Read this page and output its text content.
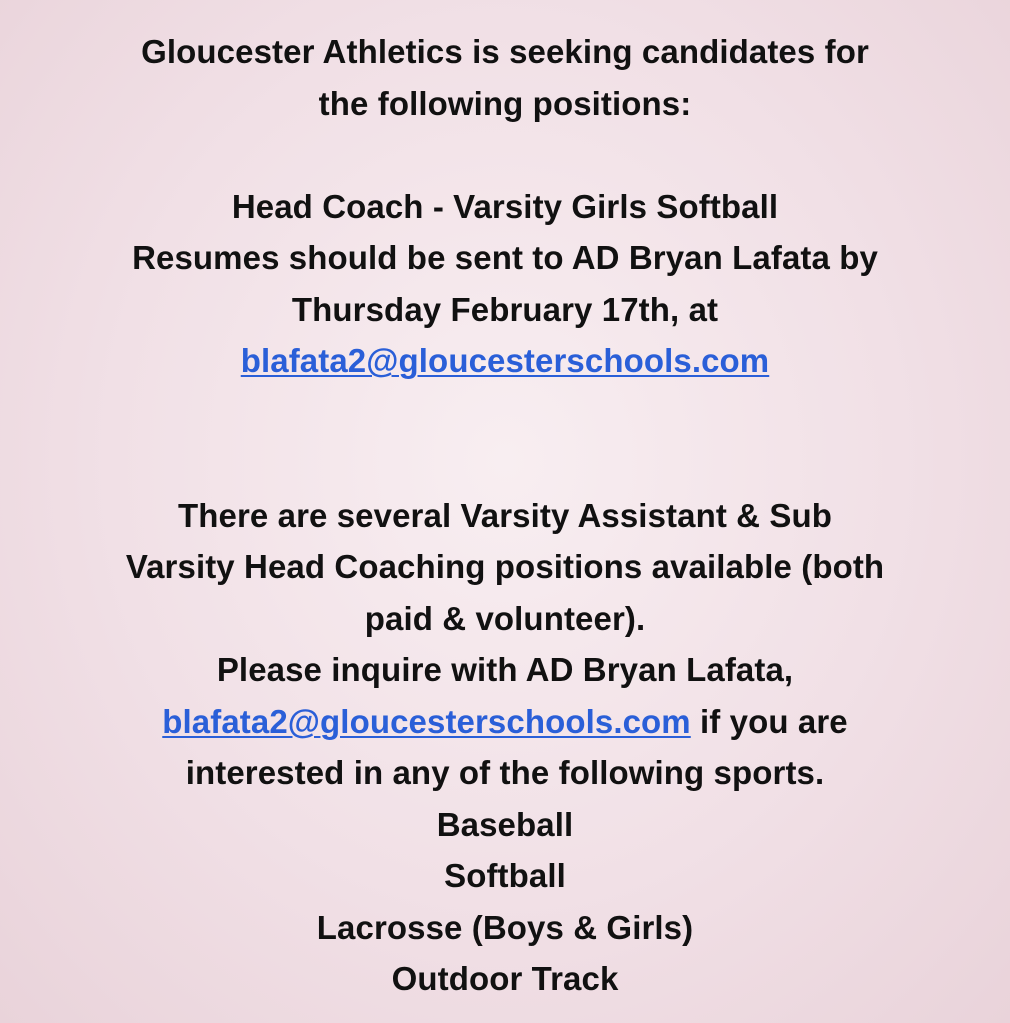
Gloucester Athletics is seeking candidates for
the following positions:
Head Coach - Varsity Girls Softball
Resumes should be sent to AD Bryan Lafata by
Thursday February 17th, at
blafata2@gloucesterschools.com
There are several Varsity Assistant & Sub
Varsity Head Coaching positions available (both
paid & volunteer).
Please inquire with AD Bryan Lafata,
blafata2@gloucesterschools.com if you are
interested in any of the following sports.
Baseball
Softball
Lacrosse (Boys & Girls)
Outdoor Track
